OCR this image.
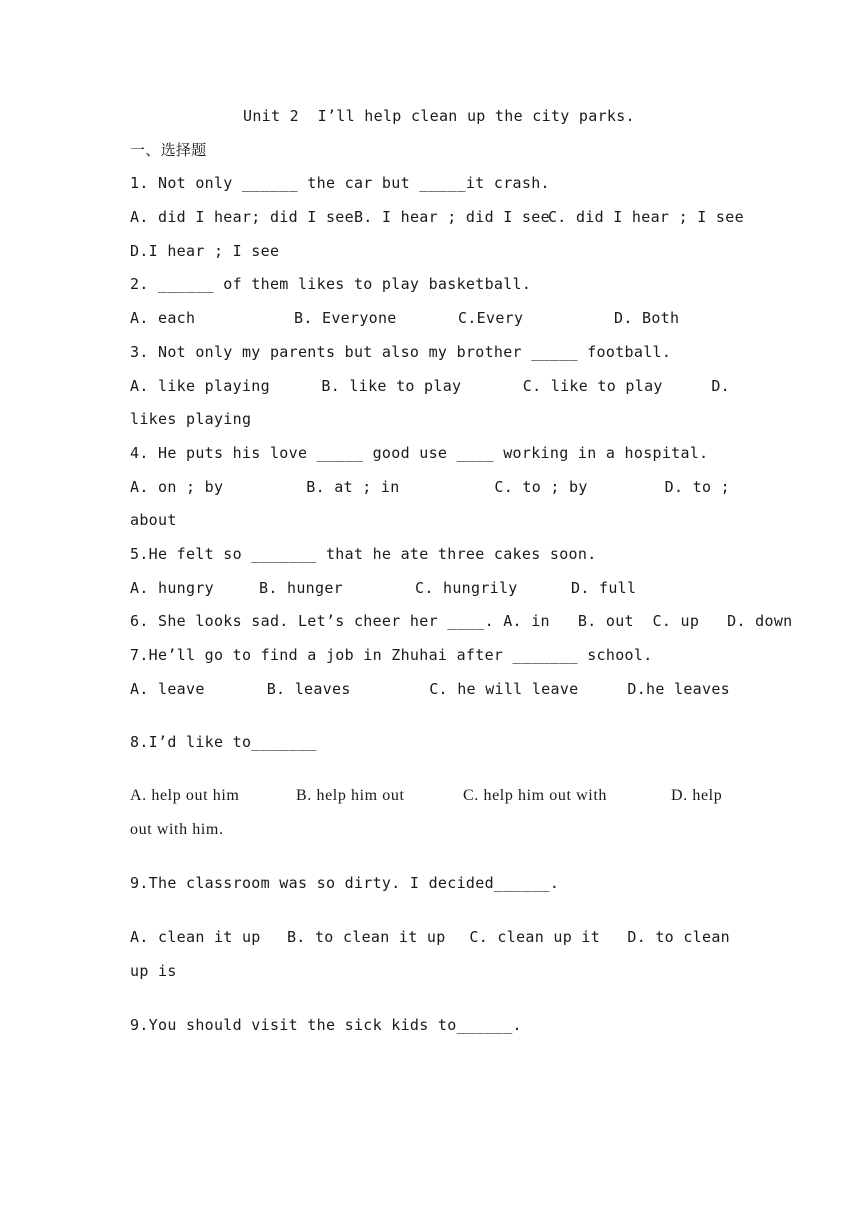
Unit 2  I’ll help clean up the city parks.
一、选择题
1. Not only ______ the car but _____it crash.
A. did I hear; did I see B. I hear ; did I see
C. did I hear ; I see
D.I hear ; I see
2. ______ of them likes to play basketball.
A. each	B. Everyone	C.Every	D. Both
3. Not only my parents but also my brother _____ football.
A. like playing	B. like to play	C. like to play	D.
likes playing
4. He puts his love _____ good use ____ working in a hospital.
A. on ; by	B. at ; in	C. to ; by	D. to ;
about
5.He felt so _______ that he ate three cakes soon.
A. hungry	B. hunger	C. hungrily	D. full
6. She looks sad. Let’s cheer her ____. A. in   B. out  C. up   D. down
7.He’ll go to find a job in Zhuhai after _______ school.
A. leave	B. leaves	C. he will leave	D.he leaves
8.I’d like to_______
A. help out him	B. help him out	C. help him out with	D. help
out with him.
9.The classroom was so dirty. I decided______.
A. clean it up	B. to clean it up	C. clean up it	D. to clean
up is
9.You should visit the sick kids to______.
